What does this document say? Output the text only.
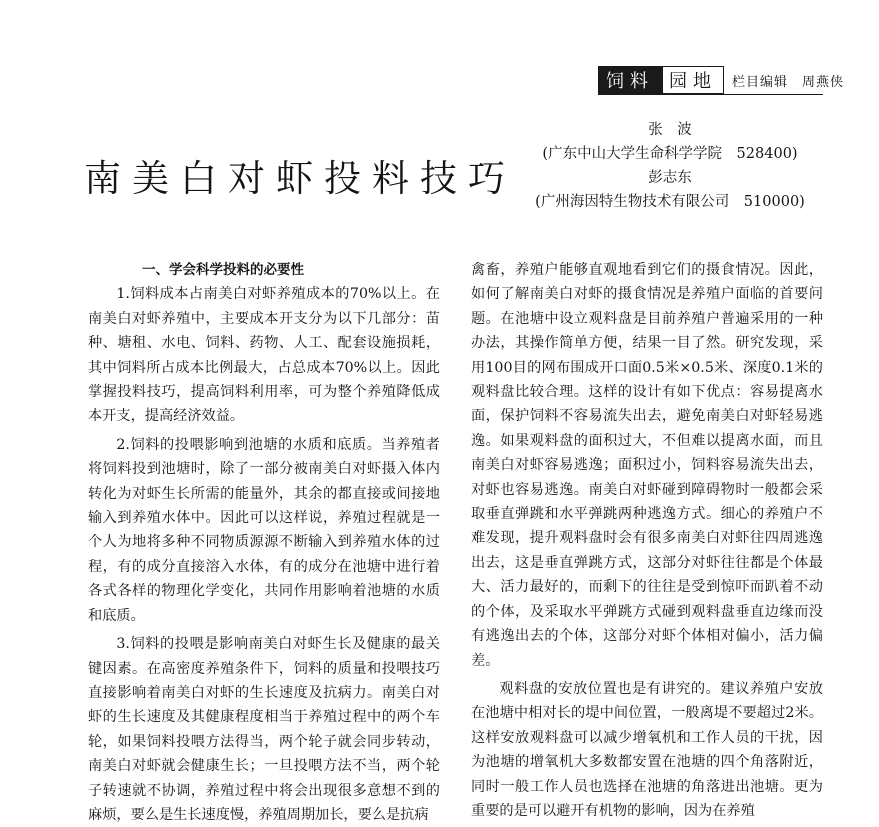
饲料 园地	栏目编辑　周燕侠
南美白对虾投料技巧
张　波
(广东中山大学生命科学学院　528400)
彭志东
(广州海因特生物技术有限公司　510000)

一、学会科学投料的必要性

1.饲料成本占南美白对虾养殖成本的70%以上。在南美白对虾养殖中，主要成本开支分为以下几部分：苗种、塘租、水电、饲料、药物、人工、配套设施损耗，其中饲料所占成本比例最大，占总成本70%以上。因此掌握投料技巧，提高饲料利用率，可为整个养殖降低成本开支，提高经济效益。

2.饲料的投喂影响到池塘的水质和底质。当养殖者将饲料投到池塘时，除了一部分被南美白对虾摄入体内转化为对虾生长所需的能量外，其余的都直接或间接地输入到养殖水体中。因此可以这样说，养殖过程就是一个人为地将多种不同物质源源不断输入到养殖水体的过程，有的成分直接溶入水体，有的成分在池塘中进行着各式各样的物理化学变化，共同作用影响着池塘的水质和底质。

3.饲料的投喂是影响南美白对虾生长及健康的最关键因素。在高密度养殖条件下，饲料的质量和投喂技巧直接影响着南美白对虾的生长速度及抗病力。南美白对虾的生长速度及其健康程度相当于养殖过程中的两个车轮，如果饲料投喂方法得当，两个轮子就会同步转动，南美白对虾就会健康生长；一旦投喂方法不当，两个轮子转速就不协调，养殖过程中将会出现很多意想不到的麻烦，要么是生长速度慢，养殖周期加长，要么是抗病

禽畜，养殖户能够直观地看到它们的摄食情况。因此，如何了解南美白对虾的摄食情况是养殖户面临的首要问题。在池塘中设立观料盘是目前养殖户普遍采用的一种办法，其操作简单方便，结果一目了然。研究发现，采用100目的网布围成开口面0.5米×0.5米、深度0.1米的观料盘比较合理。这样的设计有如下优点：容易提离水面，保护饲料不容易流失出去，避免南美白对虾轻易逃逸。如果观料盘的面积过大，不但难以提离水面，而且南美白对虾容易逃逸；面积过小，饲料容易流失出去，对虾也容易逃逸。南美白对虾碰到障碍物时一般都会采取垂直弹跳和水平弹跳两种逃逸方式。细心的养殖户不难发现，提升观料盘时会有很多南美白对虾往四周逃逸出去，这是垂直弹跳方式，这部分对虾往往都是个体最大、活力最好的，而剩下的往往是受到惊吓而趴着不动的个体，及采取水平弹跳方式碰到观料盘垂直边缘而没有逃逸出去的个体，这部分对虾个体相对偏小，活力偏差。

观料盘的安放位置也是有讲究的。建议养殖户安放在池塘中相对长的堤中间位置，一般离堤不要超过2米。这样安放观料盘可以减少增氧机和工作人员的干扰，因为池塘的增氧机大多数都安置在池塘的四个角落附近，同时一般工作人员也选择在池塘的角落进出池塘。更为重要的是可以避开有机物的影响，因为在养殖
